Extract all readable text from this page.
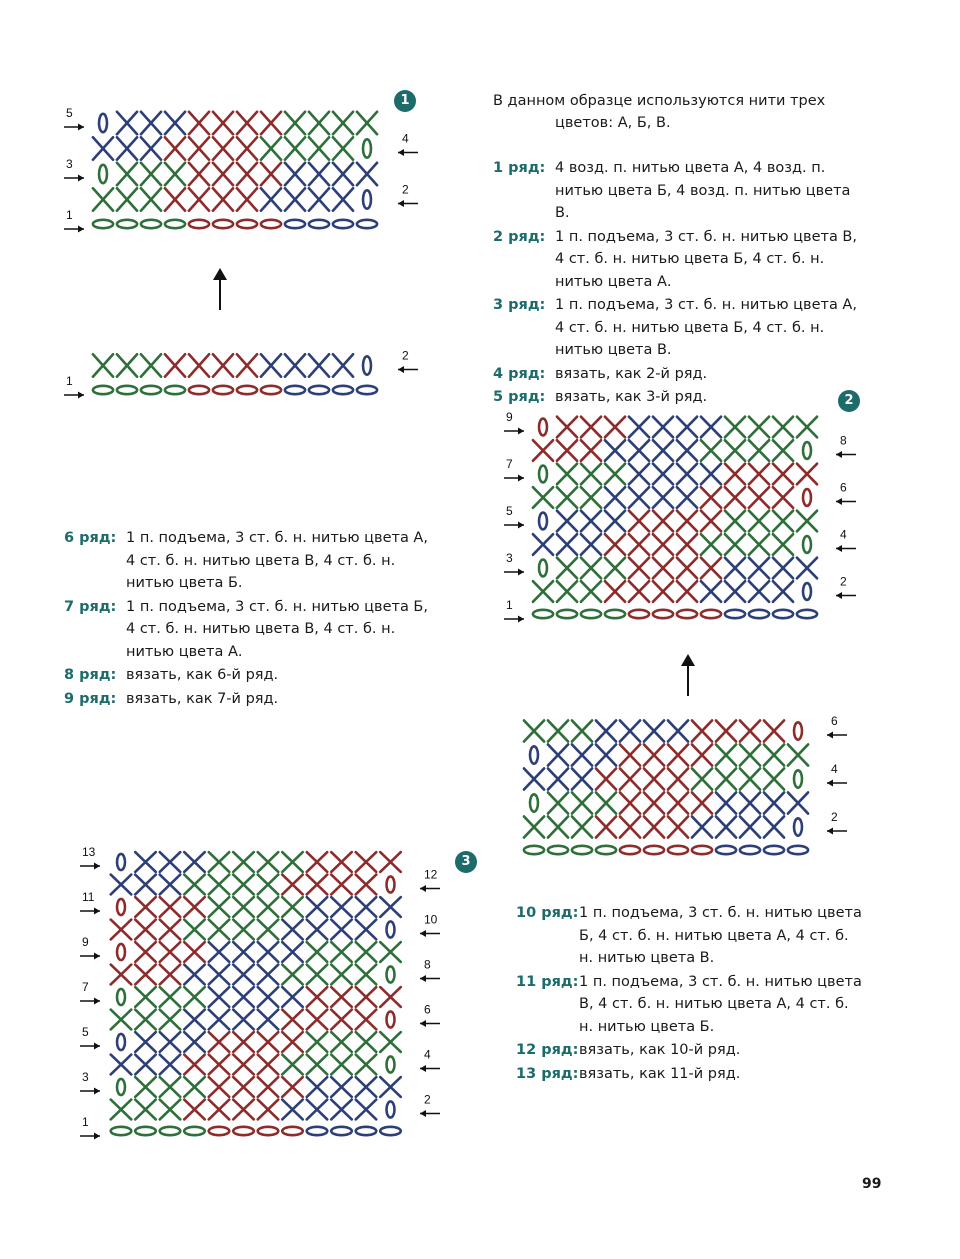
1
2
3
1
3
5
2
4
1
2
1
3
5
7
9
2
4
6
8
2
4
6
1
3
5
7
9
11
13
2
4
6
8
10
12
В данном образце используются нити трех
цветов: А, Б, В.
1 ряд: 4 возд. п. нитью цвета А, 4 возд. п. нитью цвета Б, 4 возд. п. нитью цвета В.
2 ряд: 1 п. подъема, 3 ст. б. н. нитью цвета В, 4 ст. б. н. нитью цвета Б, 4 ст. б. н. нитью цвета А.
3 ряд: 1 п. подъема, 3 ст. б. н. нитью цвета А, 4 ст. б. н. нитью цвета Б, 4 ст. б. н. нитью цвета В.
4 ряд: вязать, как 2-й ряд.
5 ряд: вязать, как 3-й ряд.
6 ряд: 1 п. подъема, 3 ст. б. н. нитью цвета А, 4 ст. б. н. нитью цвета В, 4 ст. б. н. нитью цвета Б.
7 ряд: 1 п. подъема, 3 ст. б. н. нитью цвета Б, 4 ст. б. н. нитью цвета В, 4 ст. б. н. нитью цвета А.
8 ряд: вязать, как 6-й ряд.
9 ряд: вязать, как 7-й ряд.
10 ряд: 1 п. подъема, 3 ст. б. н. нитью цвета Б, 4 ст. б. н. нитью цвета А, 4 ст. б. н. нитью цвета В.
11 ряд: 1 п. подъема, 3 ст. б. н. нитью цвета В, 4 ст. б. н. нитью цвета А, 4 ст. б. н. нитью цвета Б.
12 ряд: вязать, как 10-й ряд.
13 ряд: вязать, как 11-й ряд.
99
